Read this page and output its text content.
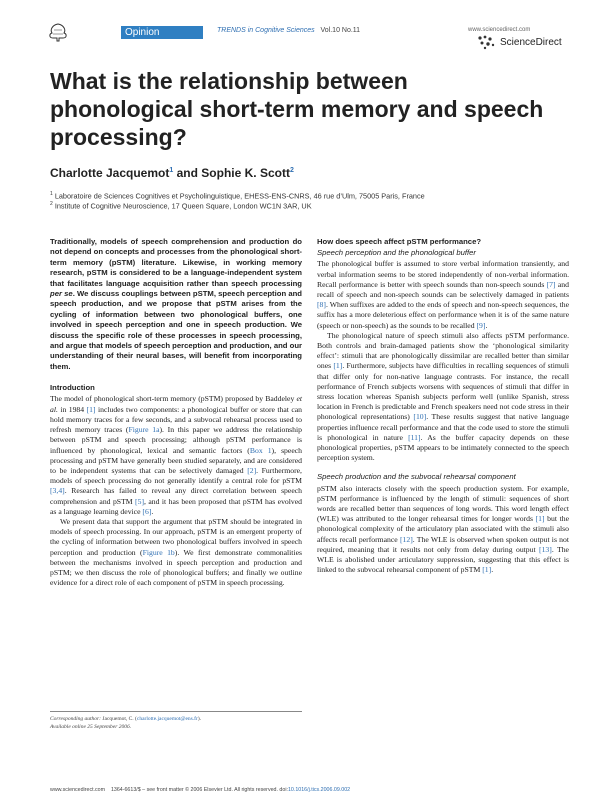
Opinion	TRENDS in Cognitive Sciences Vol.10 No.11	www.sciencedirect.com
ScienceDirect
What is the relationship between phonological short-term memory and speech processing?
Charlotte Jacquemot$^1$ and Sophie K. Scott$^2$
$^1$ Laboratoire de Sciences Cognitives et Psycholinguistique, EHESS-ENS-CNRS, 46 rue d’Ulm, 75005 Paris, France
$^2$ Institute of Cognitive Neuroscience, 17 Queen Square, London WC1N 3AR, UK

Traditionally, models of speech comprehension and production do not depend on concepts and processes from the phonological short-term memory (pSTM) literature. Likewise, in working memory research, pSTM is considered to be a language-independent system that facilitates language acquisition rather than speech processing per se. We discuss couplings between pSTM, speech perception and speech production, and we propose that pSTM arises from the cycling of information between two phonological buffers, one involved in speech perception and one in speech production. We discuss the specific role of these processes in speech processing, and argue that models of speech perception and production, and our understanding of their neural bases, will benefit from incorporating them.

Introduction

The model of phonological short-term memory (pSTM) proposed by Baddeley et al. in 1984 [1] includes two components: a phonological buffer or store that can hold memory traces for a few seconds, and a subvocal rehearsal process used to refresh memory traces (Figure 1a). In this paper we address the relationship between pSTM and speech processing; although pSTM performance is influenced by phonological, lexical and semantic factors (Box 1), speech processing and pSTM have generally been studied separately, and are considered to be independent systems that can be selectively damaged [2]. Furthermore, models of speech processing do not generally identify a central role for pSTM [3,4]. Research has failed to reveal any direct correlation between speech comprehension and pSTM [5], and it has been proposed that pSTM has evolved as a language learning device [6].

We present data that support the argument that pSTM should be integrated in models of speech processing. In our approach, pSTM is an emergent property of the cycling of information between two phonological buffers involved in speech perception and production (Figure 1b). We first demonstrate commonalities between the mechanisms involved in speech perception and production and pSTM; we then discuss the role of phonological buffers; and finally we outline evidence for a direct role of each component of pSTM in speech processing.

Corresponding author: Jacquemot, C. (charlotte.jacquemot@ens.fr).
Available online 25 September 2006.
How does speech affect pSTM performance?
Speech perception and the phonological buffer

The phonological buffer is assumed to store verbal information transiently, and verbal information seems to be stored independently of non-verbal information. Recall performance is better with speech sounds than non-speech sounds [7] and recall of speech and non-speech sounds can be selectively damaged in patients [8]. When suffixes are added to the ends of speech and non-speech sequences, the suffix has a more deleterious effect on performance when it is of the same nature (speech or non-speech) as the sounds to be recalled [9].

The phonological nature of speech stimuli also affects pSTM performance. Both controls and brain-damaged patients show the ‘phonological similarity effect’: stimuli that are phonologically dissimilar are recalled better than similar ones [1]. Furthermore, subjects have difficulties in recalling sequences of stimuli that differ only for non-native language contrasts. For instance, the recall performance of French subjects worsens with sequences of stimuli that differ in stress location whereas Spanish subjects perform well (unlike Spanish, stress location in French is predictable and French speakers need not code stress in their phonological representations) [10]. These results suggest that native language properties influence recall performance and that the code used to store the stimuli is phonological in nature [11]. As the buffer capacity depends on these phonological properties, pSTM appears to be intimately connected to the speech perception system.

Speech production and the subvocal rehearsal component

pSTM also interacts closely with the speech production system. For example, pSTM performance is influenced by the length of stimuli: sequences of short words are recalled better than sequences of long words. This word length effect (WLE) was attributed to the longer rehearsal times for longer words [1] but the phonological complexity of the articulatory plan associated with the stimuli also affects recall performance [12]. The WLE is observed when spoken output is not required, meaning that it results not only from delay during output [13]. The WLE is abolished under articulatory suppression, suggesting that this effect is linked to the subvocal rehearsal component of pSTM [1].

www.sciencedirect.com 1364-6613/$ – see front matter © 2006 Elsevier Ltd. All rights reserved. doi:10.1016/j.tics.2006.09.002
